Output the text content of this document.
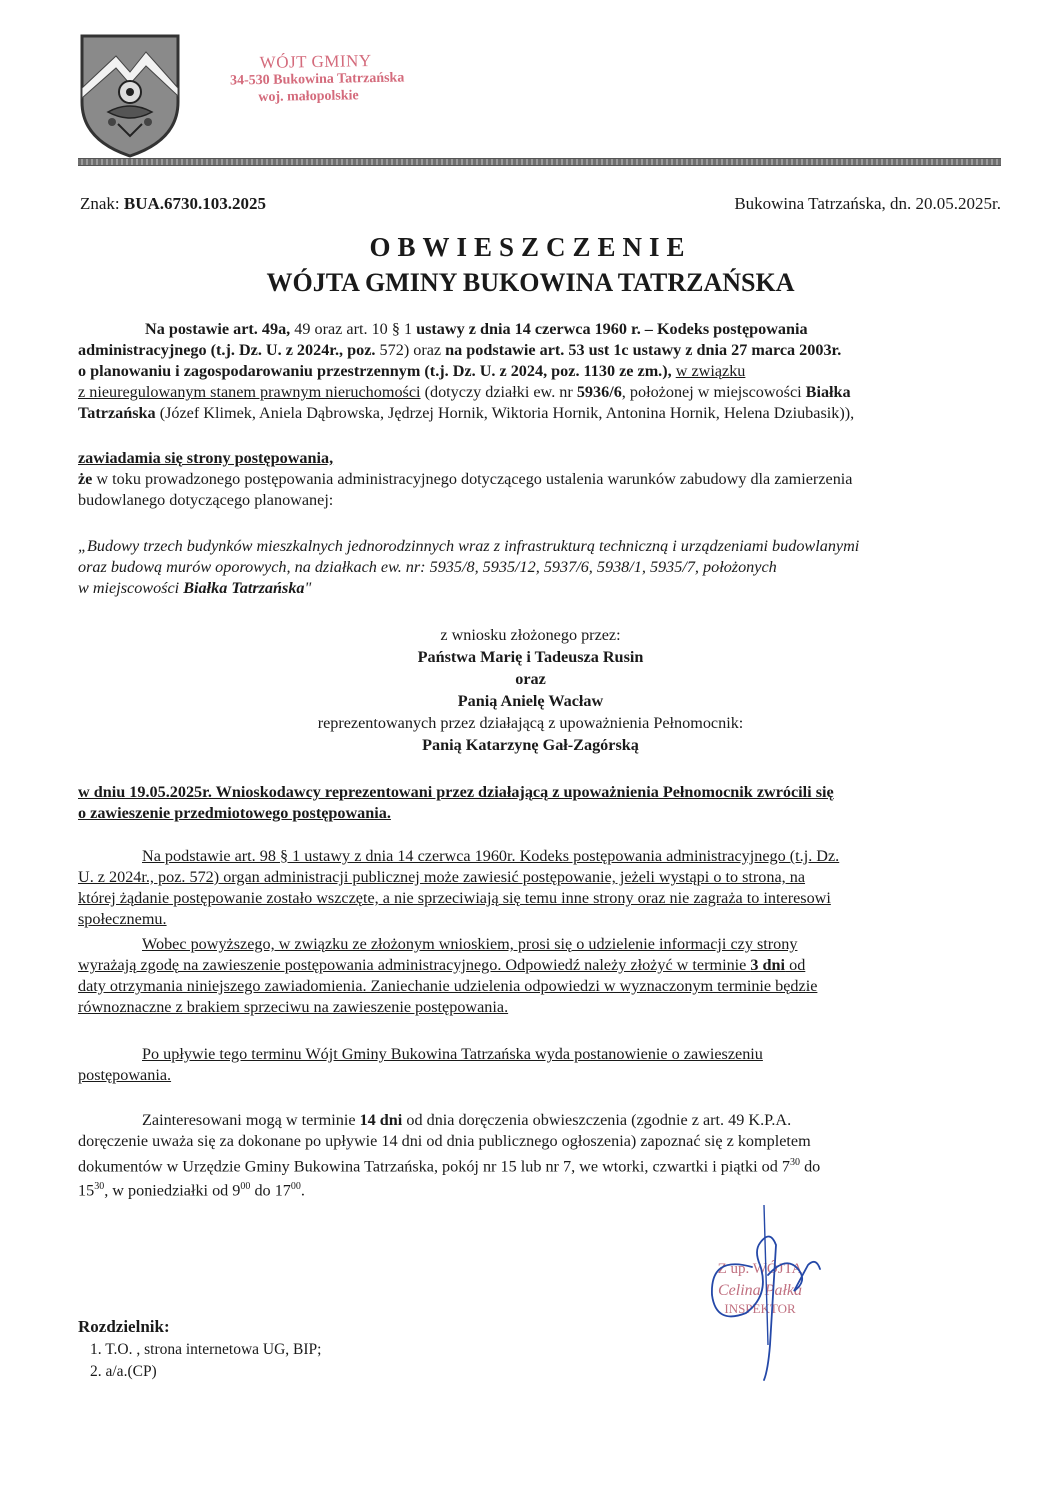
WÓJT GMINY
34-530 Bukowina Tatrzańska
woj. małopolskie
Znak: BUA.6730.103.2025	Bukowina Tatrzańska, dn. 20.05.2025r.
OBWIESZCZENIE
WÓJTA GMINY BUKOWINA TATRZAŃSKA
Na postawie art. 49a, 49 oraz art. 10 § 1 ustawy z dnia 14 czerwca 1960 r. – Kodeks postępowania
administracyjnego (t.j. Dz. U. z 2024r., poz. 572) oraz na podstawie art. 53 ust 1c ustawy z dnia 27 marca 2003r.
o planowaniu i zagospodarowaniu przestrzennym (t.j. Dz. U. z 2024, poz. 1130 ze zm.), w związku
z nieuregulowanym stanem prawnym nieruchomości (dotyczy działki ew. nr 5936/6, położonej w miejscowości Białka
Tatrzańska (Józef Klimek, Aniela Dąbrowska, Jędrzej Hornik, Wiktoria Hornik, Antonina Hornik, Helena Dziubasik)),
zawiadamia się strony postępowania,
że w toku prowadzonego postępowania administracyjnego dotyczącego ustalenia warunków zabudowy dla zamierzenia
budowlanego dotyczącego planowanej:
„Budowy trzech budynków mieszkalnych jednorodzinnych wraz z infrastrukturą techniczną i urządzeniami budowlanymi
oraz budową murów oporowych, na działkach ew. nr: 5935/8, 5935/12, 5937/6, 5938/1, 5935/7, położonych
w miejscowości Białka Tatrzańska"
z wniosku złożonego przez:
Państwa Marię i Tadeusza Rusin
oraz
Panią Anielę Wacław
reprezentowanych przez działającą z upoważnienia Pełnomocnik:
Panią Katarzynę Gał-Zagórską
w dniu 19.05.2025r. Wnioskodawcy reprezentowani przez działającą z upoważnienia Pełnomocnik zwrócili się
o zawieszenie przedmiotowego postępowania.
Na podstawie art. 98 § 1 ustawy z dnia 14 czerwca 1960r. Kodeks postępowania administracyjnego (t.j. Dz.
U. z 2024r., poz. 572) organ administracji publicznej może zawiesić postępowanie, jeżeli wystąpi o to strona, na
której żądanie postępowanie zostało wszczęte, a nie sprzeciwiają się temu inne strony oraz nie zagraża to interesowi
społecznemu.
Wobec powyższego, w związku ze złożonym wnioskiem, prosi się o udzielenie informacji czy strony
wyrażają zgodę na zawieszenie postępowania administracyjnego. Odpowiedź należy złożyć w terminie 3 dni od
daty otrzymania niniejszego zawiadomienia. Zaniechanie udzielenia odpowiedzi w wyznaczonym terminie będzie
równoznaczne z brakiem sprzeciwu na zawieszenie postępowania.
Po upływie tego terminu Wójt Gminy Bukowina Tatrzańska wyda postanowienie o zawieszeniu
postępowania.
Zainteresowani mogą w terminie 14 dni od dnia doręczenia obwieszczenia (zgodnie z art. 49 K.P.A.
doręczenie uważa się za dokonane po upływie 14 dni od dnia publicznego ogłoszenia) zapoznać się z kompletem
dokumentów w Urzędzie Gminy Bukowina Tatrzańska, pokój nr 15 lub nr 7, we wtorki, czwartki i piątki od $7^{30}$ do
$15^{30}$, w poniedziałki od $9^{00}$ do $17^{00}$.
Z up. WÓJTA
Celina Pałka
INSPEKTOR
Rozdzielnik:
1. T.O. , strona internetowa UG, BIP;
2. a/a.(CP)
